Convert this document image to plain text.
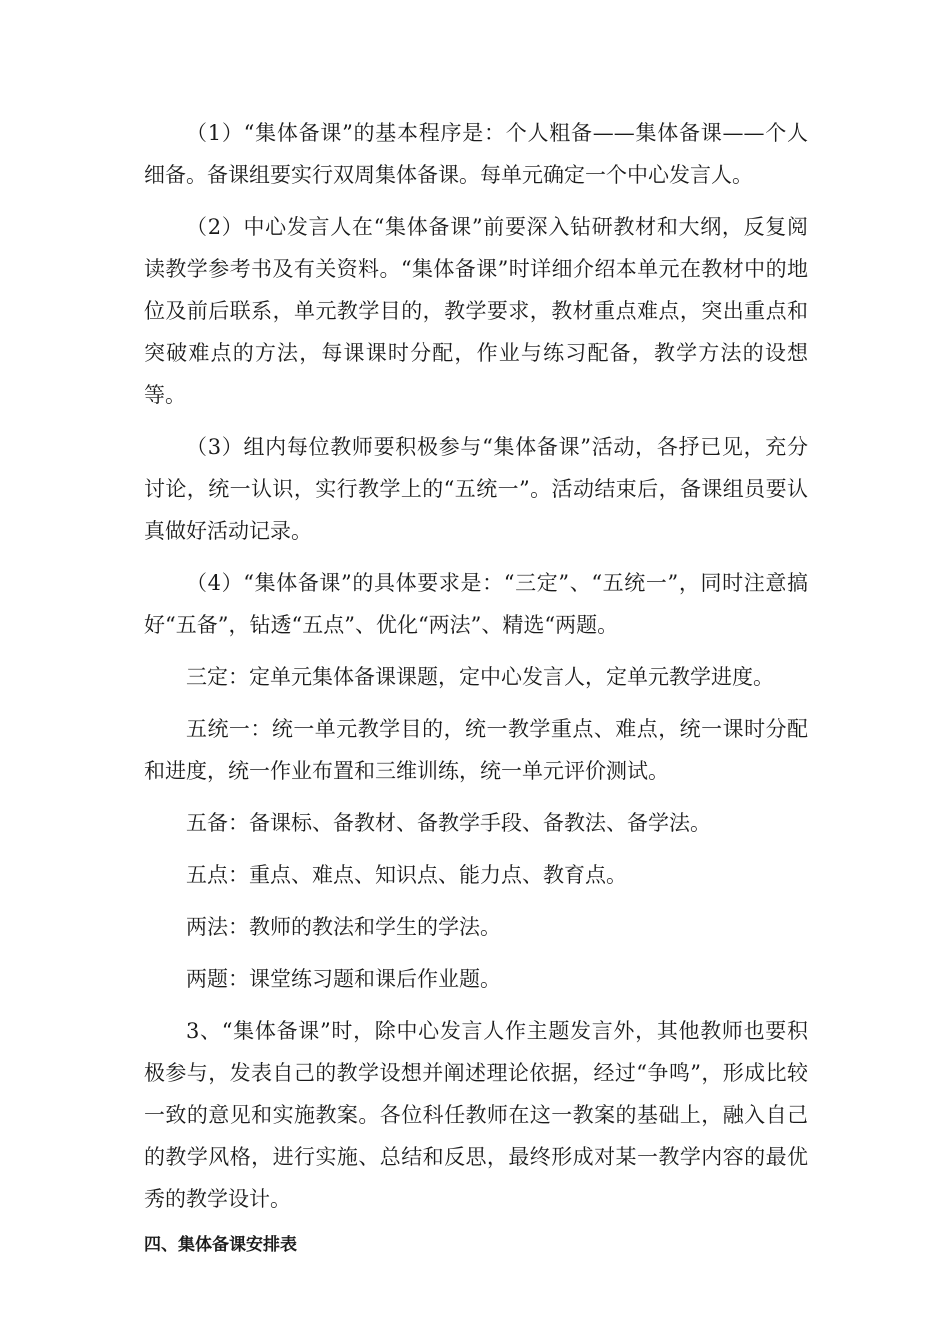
（1）“集体备课”的基本程序是：个人粗备——集体备课——个人细备。备课组要实行双周集体备课。每单元确定一个中心发言人。

（2）中心发言人在“集体备课”前要深入钻研教材和大纲，反复阅读教学参考书及有关资料。“集体备课”时详细介绍本单元在教材中的地位及前后联系，单元教学目的，教学要求，教材重点难点，突出重点和突破难点的方法，每课课时分配，作业与练习配备，教学方法的设想等。

（3）组内每位教师要积极参与“集体备课”活动，各抒已见，充分讨论，统一认识，实行教学上的“五统一”。活动结束后，备课组员要认真做好活动记录。

（4）“集体备课”的具体要求是：“三定”、“五统一”，同时注意搞好“五备”，钻透“五点”、优化“两法”、精选“两题。

三定：定单元集体备课课题，定中心发言人，定单元教学进度。

五统一：统一单元教学目的，统一教学重点、难点，统一课时分配和进度，统一作业布置和三维训练，统一单元评价测试。

五备：备课标、备教材、备教学手段、备教法、备学法。

五点：重点、难点、知识点、能力点、教育点。

两法：教师的教法和学生的学法。

两题：课堂练习题和课后作业题。

3、“集体备课”时，除中心发言人作主题发言外，其他教师也要积极参与，发表自己的教学设想并阐述理论依据，经过“争鸣”，形成比较一致的意见和实施教案。各位科任教师在这一教案的基础上，融入自己的教学风格，进行实施、总结和反思，最终形成对某一教学内容的最优秀的教学设计。

四、集体备课安排表
